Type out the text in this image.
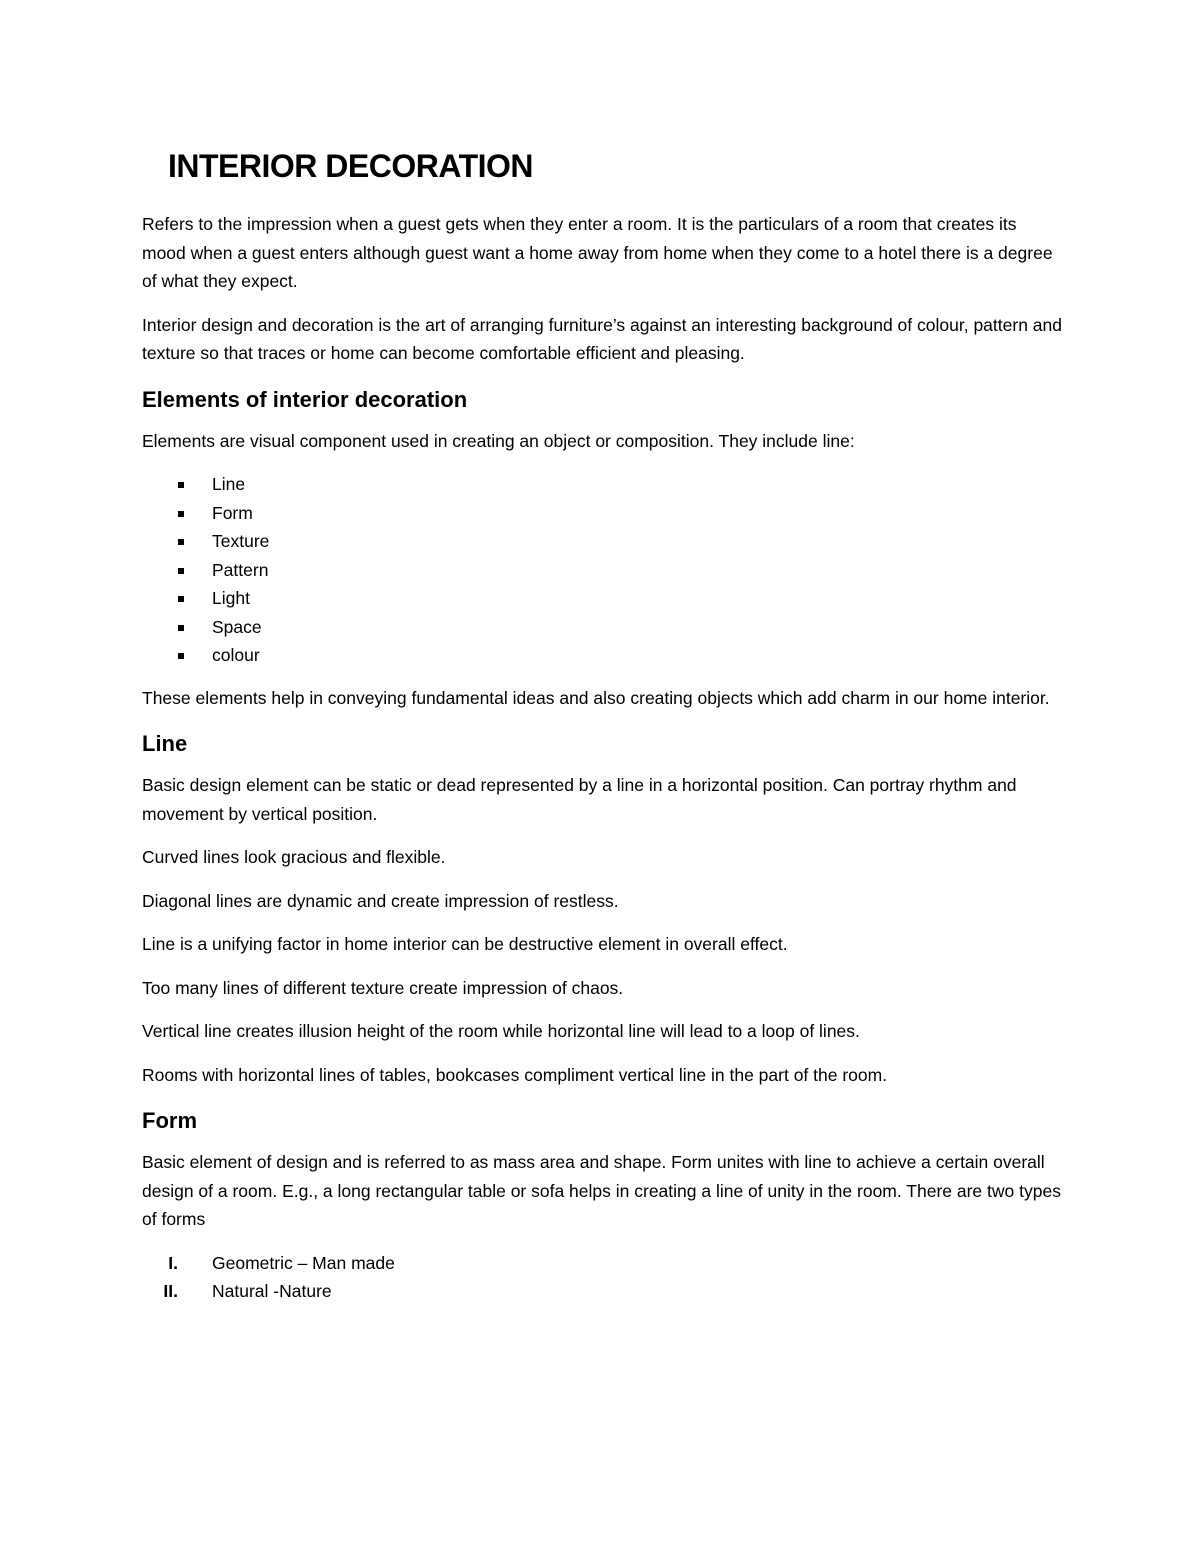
INTERIOR DECORATION

Refers to the impression when a guest gets when they enter a room. It is the particulars of a room that creates its mood when a guest enters although guest want a home away from home when they come to a hotel there is a degree of what they expect.

Interior design and decoration is the art of arranging furniture’s against an interesting background of colour, pattern and texture so that traces or home can become comfortable efficient and pleasing.

Elements of interior decoration

Elements are visual component used in creating an object or composition. They include line:

Line
Form
Texture
Pattern
Light
Space
colour

These elements help in conveying fundamental ideas and also creating objects which add charm in our home interior.

Line

Basic design element can be static or dead represented by a line in a horizontal position. Can portray rhythm and movement by vertical position.

Curved lines look gracious and flexible.

Diagonal lines are dynamic and create impression of restless.

Line is a unifying factor in home interior can be destructive element in overall effect.

Too many lines of different texture create impression of chaos.

Vertical line creates illusion height of the room while horizontal line will lead to a loop of lines.

Rooms with horizontal lines of tables, bookcases compliment vertical line in the part of the room.

Form

Basic element of design and is referred to as mass area and shape. Form unites with line to achieve a certain overall design of a room. E.g., a long rectangular table or sofa helps in creating a line of unity in the room. There are two types of forms

I. Geometric – Man made
II. Natural -Nature
